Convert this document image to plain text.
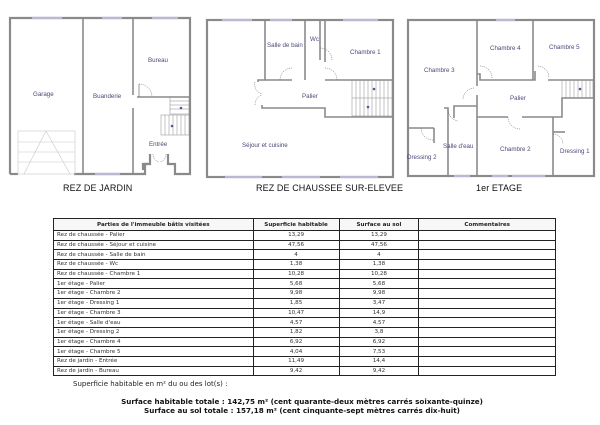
Garage	Buanderie
Bureau
Entrée
Salle de bain
Wc
Chambre 1
Palier
Séjour et cuisine
Chambre 3
Chambre 4	Chambre 5
Palier
Salle d'eau
Dressing 2
Chambre 2	Dressing 1
REZ DE JARDIN	REZ DE CHAUSSEE SUR-ELEVEE	1er ETAGE
Parties de l'immeuble bâtis visitées	Superficie habitable	Surface au sol	Commentaires
Rez de chaussée - Palier	13,29	13,29	
Rez de chaussée - Séjour et cuisine	47,56	47,56	
Rez de chaussée - Salle de bain	4	4	
Rez de chaussée - Wc	1,38	1,38	
Rez de chaussée - Chambre 1	10,28	10,28	
1er étage - Palier	5,68	5,68	
1er étage - Chambre 2	9,98	9,98	
1er étage - Dressing 1	1,85	3,47	
1er étage - Chambre 3	10,47	14,9	
1er étage - Salle d'eau	4,57	4,57	
1er étage - Dressing 2	1,82	3,8	
1er étage - Chambre 4	6,92	6,92	
1er étage - Chambre 5	4,04	7,53	
Rez de jardin - Entrée	11,49	14,4	
Rez de jardin - Bureau	9,42	9,42	
Superficie habitable en m² du ou des lot(s) :
Surface habitable totale : 142,75 m² (cent quarante-deux mètres carrés soixante-quinze)
Surface au sol totale : 157,18 m² (cent cinquante-sept mètres carrés dix-huit)
